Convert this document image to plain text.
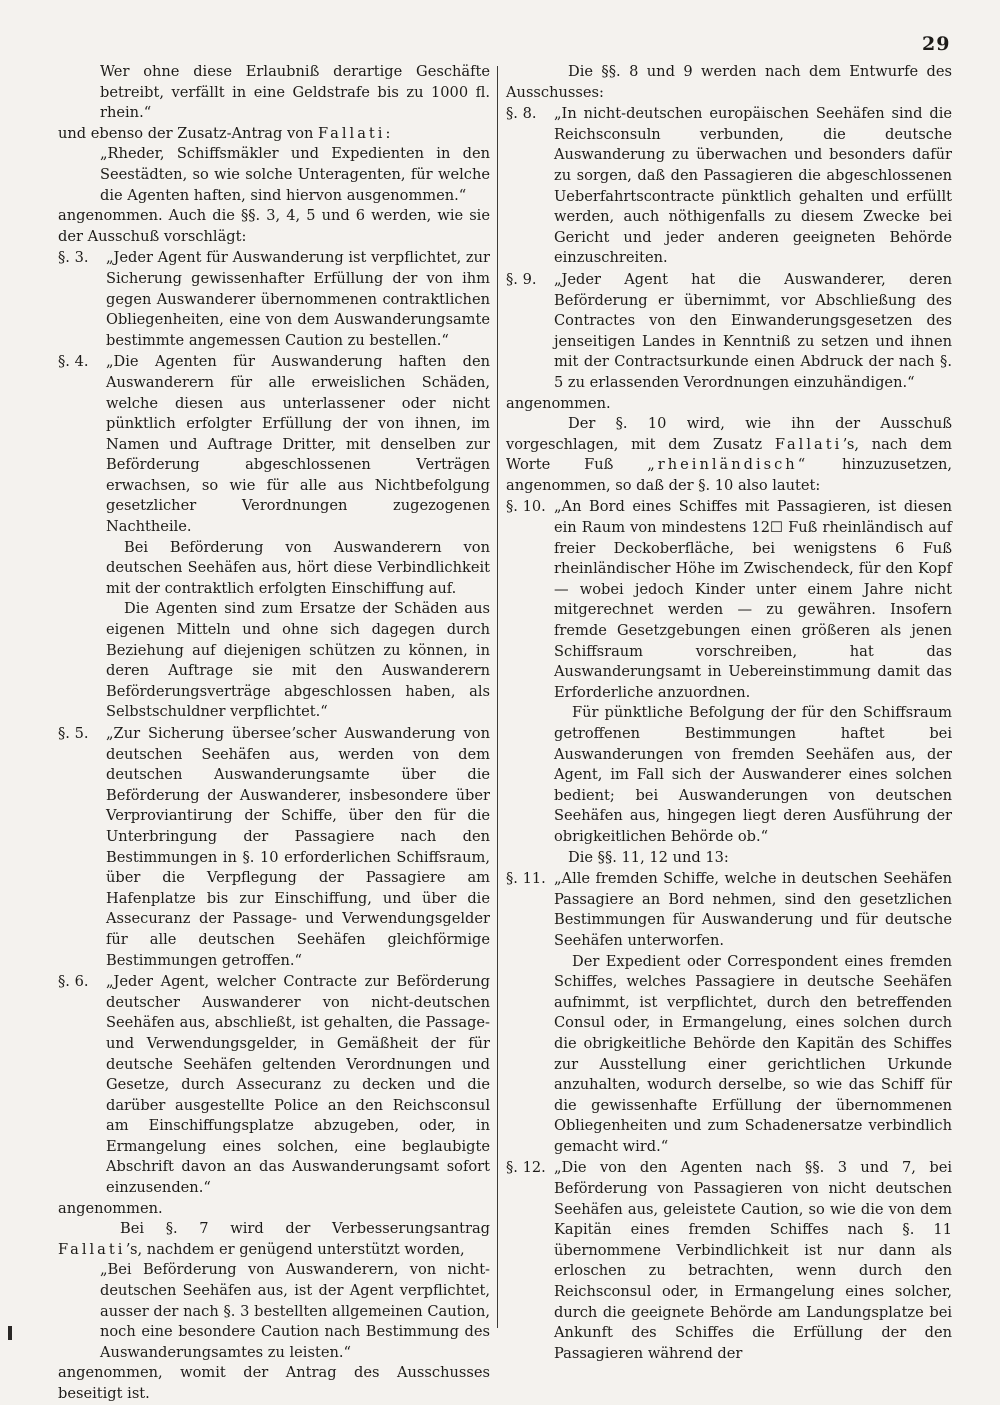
29

Wer ohne diese Erlaubniß derartige Geschäfte betreibt, verfällt in eine Geldstrafe bis zu 1000 fl. rhein.“

und ebenso der Zusatz-Antrag von Fallati:

„Rheder, Schiffsmäkler und Expedienten in den Seestädten, so wie solche Unteragenten, für welche die Agenten haften, sind hiervon ausgenommen.“

angenommen. Auch die §§. 3, 4, 5 und 6 werden, wie sie der Ausschuß vorschlägt:

§. 3.	„Jeder Agent für Auswanderung ist verpflichtet, zur Sicherung gewissenhafter Erfüllung der von ihm gegen Auswanderer übernommenen contraktlichen Obliegenheiten, eine von dem Auswanderungsamte bestimmte angemessen Caution zu bestellen.“

§. 4.	„Die Agenten für Auswanderung haften den Auswanderern für alle erweislichen Schäden, welche diesen aus unterlassener oder nicht pünktlich erfolgter Erfüllung der von ihnen, im Namen und Auftrage Dritter, mit denselben zur Beförderung abgeschlossenen Verträgen erwachsen, so wie für alle aus Nichtbefolgung gesetzlicher Verordnungen zugezogenen Nachtheile.

Bei Beförderung von Auswanderern von deutschen Seehäfen aus, hört diese Verbindlichkeit mit der contraktlich erfolgten Einschiffung auf.

Die Agenten sind zum Ersatze der Schäden aus eigenen Mitteln und ohne sich dagegen durch Beziehung auf diejenigen schützen zu können, in deren Auftrage sie mit den Auswanderern Beförderungsverträge abgeschlossen haben, als Selbstschuldner verpflichtet.“

§. 5.	„Zur Sicherung überseeʼscher Auswanderung von deutschen Seehäfen aus, werden von dem deutschen Auswanderungsamte über die Beförderung der Auswanderer, insbesondere über Verproviantirung der Schiffe, über den für die Unterbringung der Passagiere nach den Bestimmungen in §. 10 erforderlichen Schiffsraum, über die Verpflegung der Passagiere am Hafenplatze bis zur Einschiffung, und über die Assecuranz der Passage- und Verwendungsgelder für alle deutschen Seehäfen gleichförmige Bestimmungen getroffen.“

§. 6.	„Jeder Agent, welcher Contracte zur Beförderung deutscher Auswanderer von nicht-deutschen Seehäfen aus, abschließt, ist gehalten, die Passage- und Verwendungsgelder, in Gemäßheit der für deutsche Seehäfen geltenden Verordnungen und Gesetze, durch Assecuranz zu decken und die darüber ausgestellte Police an den Reichsconsul am Einschiffungsplatze abzugeben, oder, in Ermangelung eines solchen, eine beglaubigte Abschrift davon an das Auswanderungsamt sofort einzusenden.“

angenommen.

Bei §. 7 wird der Verbesserungsantrag Fallatiʼs, nachdem er genügend unterstützt worden,

„Bei Beförderung von Auswanderern, von nicht-deutschen Seehäfen aus, ist der Agent verpflichtet, ausser der nach §. 3 bestellten allgemeinen Caution, noch eine besondere Caution nach Bestimmung des Auswanderungsamtes zu leisten.“

angenommen, womit der Antrag des Ausschusses beseitigt ist.

Die §§. 8 und 9 werden nach dem Entwurfe des Ausschusses:

§. 8.	„In nicht-deutschen europäischen Seehäfen sind die Reichsconsuln verbunden, die deutsche Auswanderung zu überwachen und besonders dafür zu sorgen, daß den Passagieren die abgeschlossenen Ueberfahrtscontracte pünktlich gehalten und erfüllt werden, auch nöthigenfalls zu diesem Zwecke bei Gericht und jeder anderen geeigneten Behörde einzuschreiten.

§. 9.	„Jeder Agent hat die Auswanderer, deren Beförderung er übernimmt, vor Abschließung des Contractes von den Einwanderungsgesetzen des jenseitigen Landes in Kenntniß zu setzen und ihnen mit der Contractsurkunde einen Abdruck der nach §. 5 zu erlassenden Verordnungen einzuhändigen.“

angenommen.

Der §. 10 wird, wie ihn der Ausschuß vorgeschlagen, mit dem Zusatz Fallatiʼs, nach dem Worte Fuß „rheinländisch“ hinzuzusetzen, angenommen, so daß der §. 10 also lautet:

§. 10. „An Bord eines Schiffes mit Passagieren, ist diesen ein Raum von mindestens 12☐ Fuß rheinländisch auf freier Deckoberfläche, bei wenigstens 6 Fuß rheinländischer Höhe im Zwischendeck, für den Kopf — wobei jedoch Kinder unter einem Jahre nicht mitgerechnet werden — zu gewähren. Insofern fremde Gesetzgebungen einen größeren als jenen Schiffsraum vorschreiben, hat das Auswanderungsamt in Uebereinstimmung damit das Erforderliche anzuordnen.

Für pünktliche Befolgung der für den Schiffsraum getroffenen Bestimmungen haftet bei Auswanderungen von fremden Seehäfen aus, der Agent, im Fall sich der Auswanderer eines solchen bedient; bei Auswanderungen von deutschen Seehäfen aus, hingegen liegt deren Ausführung der obrigkeitlichen Behörde ob.“

Die §§. 11, 12 und 13:

§. 11. „Alle fremden Schiffe, welche in deutschen Seehäfen Passagiere an Bord nehmen, sind den gesetzlichen Bestimmungen für Auswanderung und für deutsche Seehäfen unterworfen.

Der Expedient oder Correspondent eines fremden Schiffes, welches Passagiere in deutsche Seehäfen aufnimmt, ist verpflichtet, durch den betreffenden Consul oder, in Ermangelung, eines solchen durch die obrigkeitliche Behörde den Kapitän des Schiffes zur Ausstellung einer gerichtlichen Urkunde anzuhalten, wodurch derselbe, so wie das Schiff für die gewissenhafte Erfüllung der übernommenen Obliegenheiten und zum Schadenersatze verbindlich gemacht wird.“

§. 12. „Die von den Agenten nach §§. 3 und 7, bei Beförderung von Passagieren von nicht deutschen Seehäfen aus, geleistete Caution, so wie die von dem Kapitän eines fremden Schiffes nach §. 11 übernommene Verbindlichkeit ist nur dann als erloschen zu betrachten, wenn durch den Reichsconsul oder, in Ermangelung eines solcher, durch die geeignete Behörde am Landungsplatze bei Ankunft des Schiffes die Erfüllung der den Passagieren während der
